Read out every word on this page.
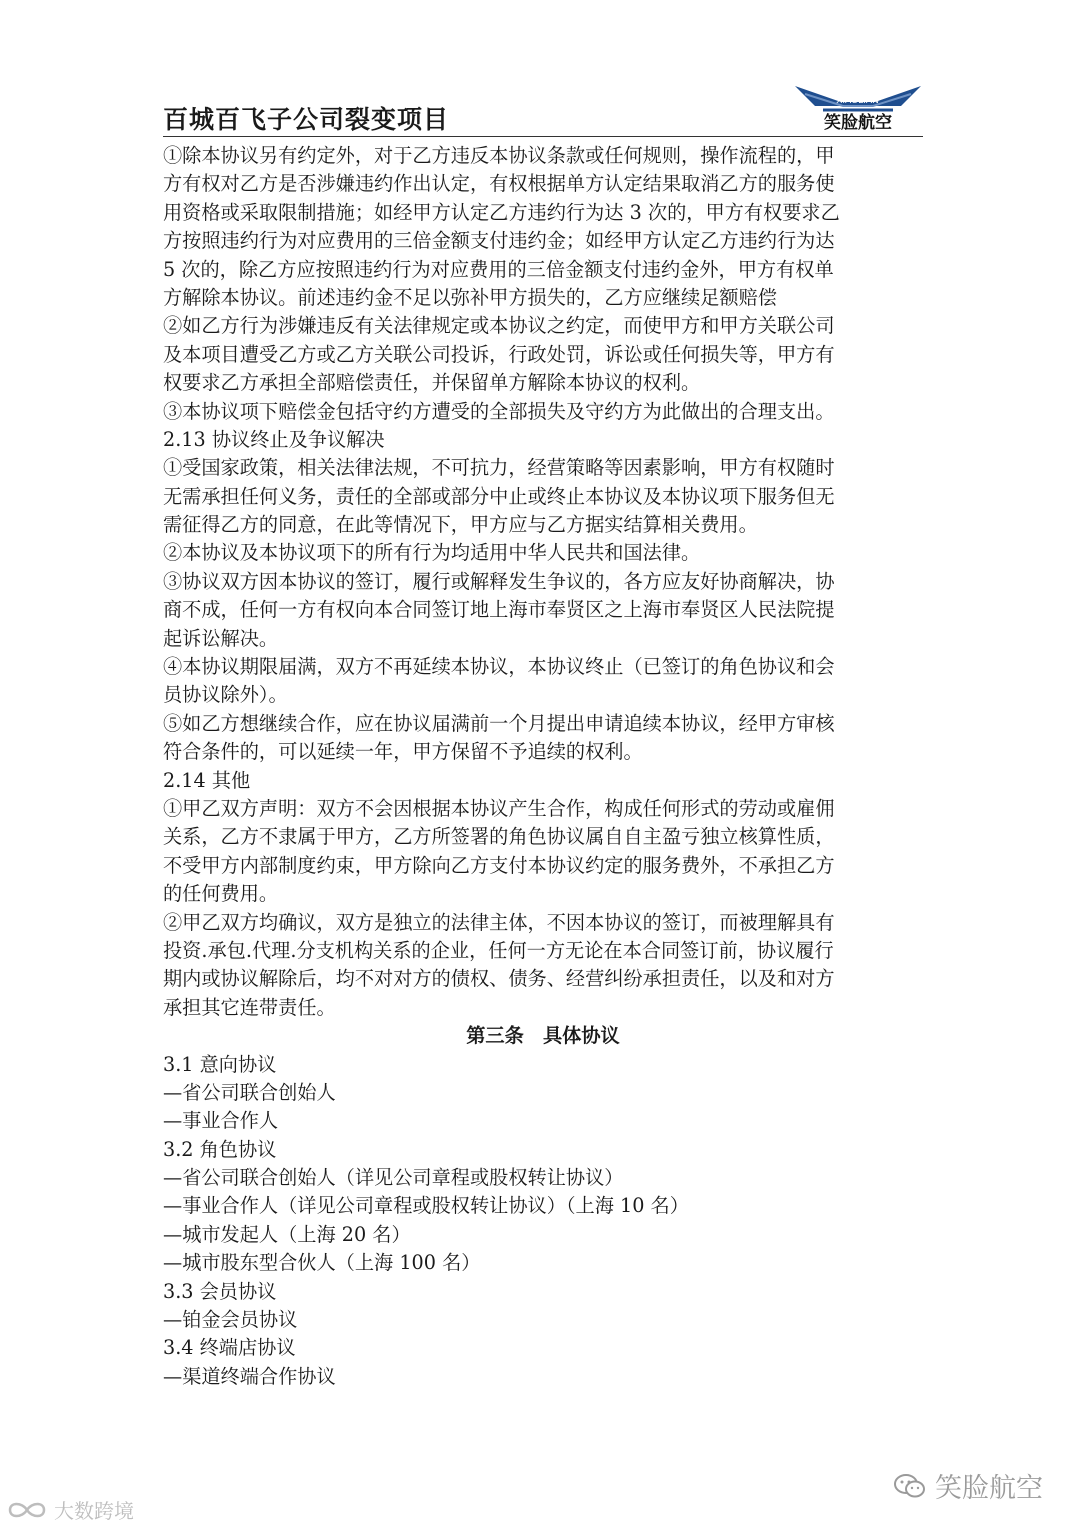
百城百飞子公司裂变项目
XIAOLIAN
笑脸航空
①除本协议另有约定外，对于乙方违反本协议条款或任何规则，操作流程的，甲
方有权对乙方是否涉嫌违约作出认定，有权根据单方认定结果取消乙方的服务使
用资格或采取限制措施；如经甲方认定乙方违约行为达 3 次的，甲方有权要求乙
方按照违约行为对应费用的三倍金额支付违约金；如经甲方认定乙方违约行为达
5 次的，除乙方应按照违约行为对应费用的三倍金额支付违约金外，甲方有权单
方解除本协议。前述违约金不足以弥补甲方损失的，乙方应继续足额赔偿
②如乙方行为涉嫌违反有关法律规定或本协议之约定，而使甲方和甲方关联公司
及本项目遭受乙方或乙方关联公司投诉，行政处罚，诉讼或任何损失等，甲方有
权要求乙方承担全部赔偿责任，并保留单方解除本协议的权利。
③本协议项下赔偿金包括守约方遭受的全部损失及守约方为此做出的合理支出。
2.13 协议终止及争议解决
①受国家政策，相关法律法规，不可抗力，经营策略等因素影响，甲方有权随时
无需承担任何义务，责任的全部或部分中止或终止本协议及本协议项下服务但无
需征得乙方的同意，在此等情况下，甲方应与乙方据实结算相关费用。
②本协议及本协议项下的所有行为均适用中华人民共和国法律。
③协议双方因本协议的签订，履行或解释发生争议的，各方应友好协商解决，协
商不成，任何一方有权向本合同签订地上海市奉贤区之上海市奉贤区人民法院提
起诉讼解决。
④本协议期限届满，双方不再延续本协议，本协议终止（已签订的角色协议和会
员协议除外）。
⑤如乙方想继续合作，应在协议届满前一个月提出申请追续本协议，经甲方审核
符合条件的，可以延续一年，甲方保留不予追续的权利。
2.14 其他
①甲乙双方声明：双方不会因根据本协议产生合作，构成任何形式的劳动或雇佣
关系，乙方不隶属于甲方，乙方所签署的角色协议属自自主盈亏独立核算性质，
不受甲方内部制度约束，甲方除向乙方支付本协议约定的服务费外，不承担乙方
的任何费用。
②甲乙双方均确议，双方是独立的法律主体，不因本协议的签订，而被理解具有
投资.承包.代理.分支机构关系的企业，任何一方无论在本合同签订前，协议履行
期内或协议解除后，均不对对方的债权、债务、经营纠纷承担责任，以及和对方
承担其它连带责任。
第三条　具体协议
3.1 意向协议
—省公司联合创始人
—事业合作人
3.2 角色协议
—省公司联合创始人（详见公司章程或股权转让协议）
—事业合作人（详见公司章程或股权转让协议）（上海 10 名）
—城市发起人（上海 20 名）
—城市股东型合伙人（上海 100 名）
3.3 会员协议
—铂金会员协议
3.4 终端店协议
—渠道终端合作协议
笑脸航空
大数跨境
